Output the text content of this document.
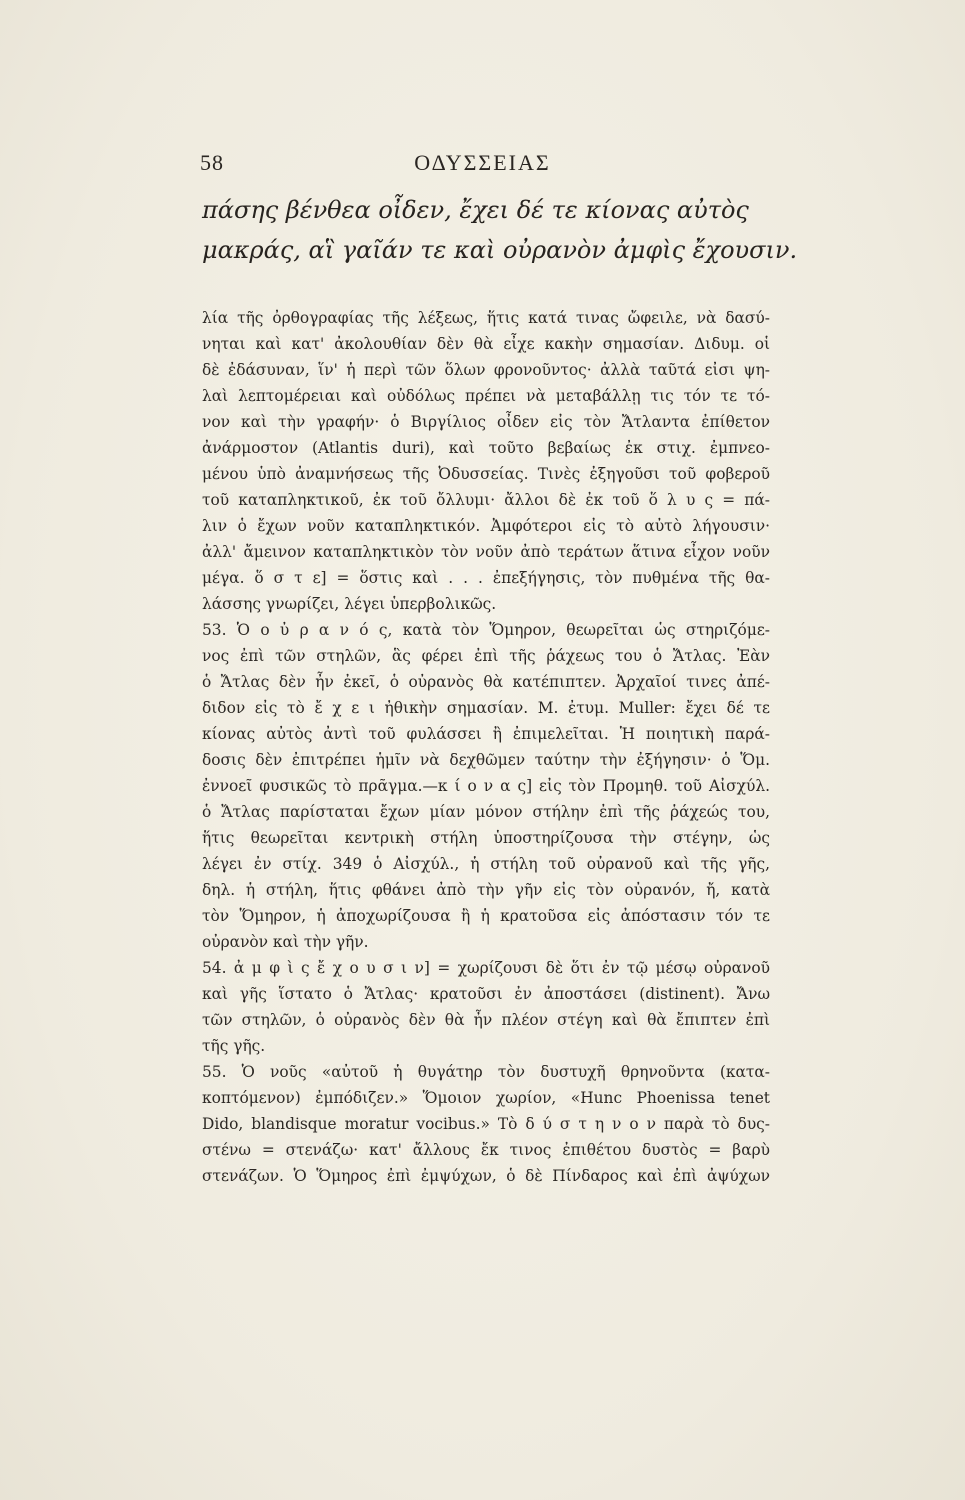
58	ΟΔΥΣΣΕΙΑΣ
πάσης βένθεα οἶδεν, ἔχει δέ τε κίονας αὐτὸς
μακράς, αἳ γαῖάν τε καὶ οὐρανὸν ἀμφὶς ἔχουσιν.
λία τῆς ὀρθογραφίας τῆς λέξεως, ἥτις κατά τινας ὤφειλε, νὰ δασύ-
νηται καὶ κατ' ἀκολουθίαν δὲν θὰ εἶχε κακὴν σημασίαν. Διδυμ. οἱ
δὲ ἐδάσυναν, ἵν' ἡ περὶ τῶν ὅλων φρονοῦντος· ἀλλὰ ταῦτά εἰσι ψη-
λαὶ λεπτομέρειαι καὶ οὐδόλως πρέπει νὰ μεταβάλλῃ τις τόν τε τό-
νον καὶ τὴν γραφήν· ὁ Βιργίλιος οἶδεν εἰς τὸν Ἄτλαντα ἐπίθετον
ἀνάρμοστον (Atlantis duri), καὶ τοῦτο βεβαίως ἐκ στιχ. ἐμπνεο-
μένου ὑπὸ ἀναμνήσεως τῆς Ὀδυσσείας. Τινὲς ἐξηγοῦσι τοῦ φοβεροῦ
τοῦ καταπληκτικοῦ, ἐκ τοῦ ὄλλυμι· ἄλλοι δὲ ἐκ τοῦ ὅ λ υ ς = πά-
λιν ὁ ἔχων νοῦν καταπληκτικόν. Ἀμφότεροι εἰς τὸ αὐτὸ λήγουσιν·
ἀλλ' ἄμεινον καταπληκτικὸν τὸν νοῦν ἀπὸ τεράτων ἅτινα εἶχον νοῦν
μέγα. ὅ σ τ ε] = ὅστις καὶ . . . ἐπεξήγησις, τὸν πυθμένα τῆς θα-
λάσσης γνωρίζει, λέγει ὑπερβολικῶς.
53. Ὁ ο ὐ ρ α ν ό ς, κατὰ τὸν Ὅμηρον, θεωρεῖται ὡς στηριζόμε-
νος ἐπὶ τῶν στηλῶν, ἃς φέρει ἐπὶ τῆς ῥάχεως του ὁ Ἄτλας. Ἐὰν
ὁ Ἄτλας δὲν ἦν ἐκεῖ, ὁ οὐρανὸς θὰ κατέπιπτεν. Ἀρχαῖοί τινες ἀπέ-
διδον εἰς τὸ ἔ χ ε ι ἠθικὴν σημασίαν. Μ. ἐτυμ. Muller: ἔχει δέ τε
κίονας αὐτὸς ἀντὶ τοῦ φυλάσσει ἢ ἐπιμελεῖται. Ἡ ποιητικὴ παρά-
δοσις δὲν ἐπιτρέπει ἡμῖν νὰ δεχθῶμεν ταύτην τὴν ἐξήγησιν· ὁ Ὅμ.
ἐννοεῖ φυσικῶς τὸ πρᾶγμα.—κ ί ο ν α ς] εἰς τὸν Προμηθ. τοῦ Αἰσχύλ.
ὁ Ἄτλας παρίσταται ἔχων μίαν μόνον στήλην ἐπὶ τῆς ῥάχεώς του,
ἥτις θεωρεῖται κεντρικὴ στήλη ὑποστηρίζουσα τὴν στέγην, ὡς
λέγει ἐν στίχ. 349 ὁ Αἰσχύλ., ἡ στήλη τοῦ οὐρανοῦ καὶ τῆς γῆς,
δηλ. ἡ στήλη, ἥτις φθάνει ἀπὸ τὴν γῆν εἰς τὸν οὐρανόν, ἤ, κατὰ
τὸν Ὅμηρον, ἡ ἀποχωρίζουσα ἢ ἡ κρατοῦσα εἰς ἀπόστασιν τόν τε
οὐρανὸν καὶ τὴν γῆν.
54. ἀ μ φ ὶ ς ἔ χ ο υ σ ι ν] = χωρίζουσι δὲ ὅτι ἐν τῷ μέσῳ οὐρανοῦ
καὶ γῆς ἵστατο ὁ Ἄτλας· κρατοῦσι ἐν ἀποστάσει (distinent). Ἄνω
τῶν στηλῶν, ὁ οὐρανὸς δὲν θὰ ἦν πλέον στέγη καὶ θὰ ἔπιπτεν ἐπὶ
τῆς γῆς.
55. Ὁ νοῦς «αὐτοῦ ἡ θυγάτηρ τὸν δυστυχῆ θρηνοῦντα (κατα-
κοπτόμενον) ἐμπόδιζεν.» Ὅμοιον χωρίον, «Hunc Phoenissa tenet
Dido, blandisque moratur vocibus.» Τὸ δ ύ σ τ η ν ο ν παρὰ τὸ δυς-
στένω = στενάζω· κατ' ἄλλους ἔκ τινος ἐπιθέτου δυστὸς = βαρὺ
στενάζων. Ὁ Ὅμηρος ἐπὶ ἐμψύχων, ὁ δὲ Πίνδαρος καὶ ἐπὶ ἀψύχων
